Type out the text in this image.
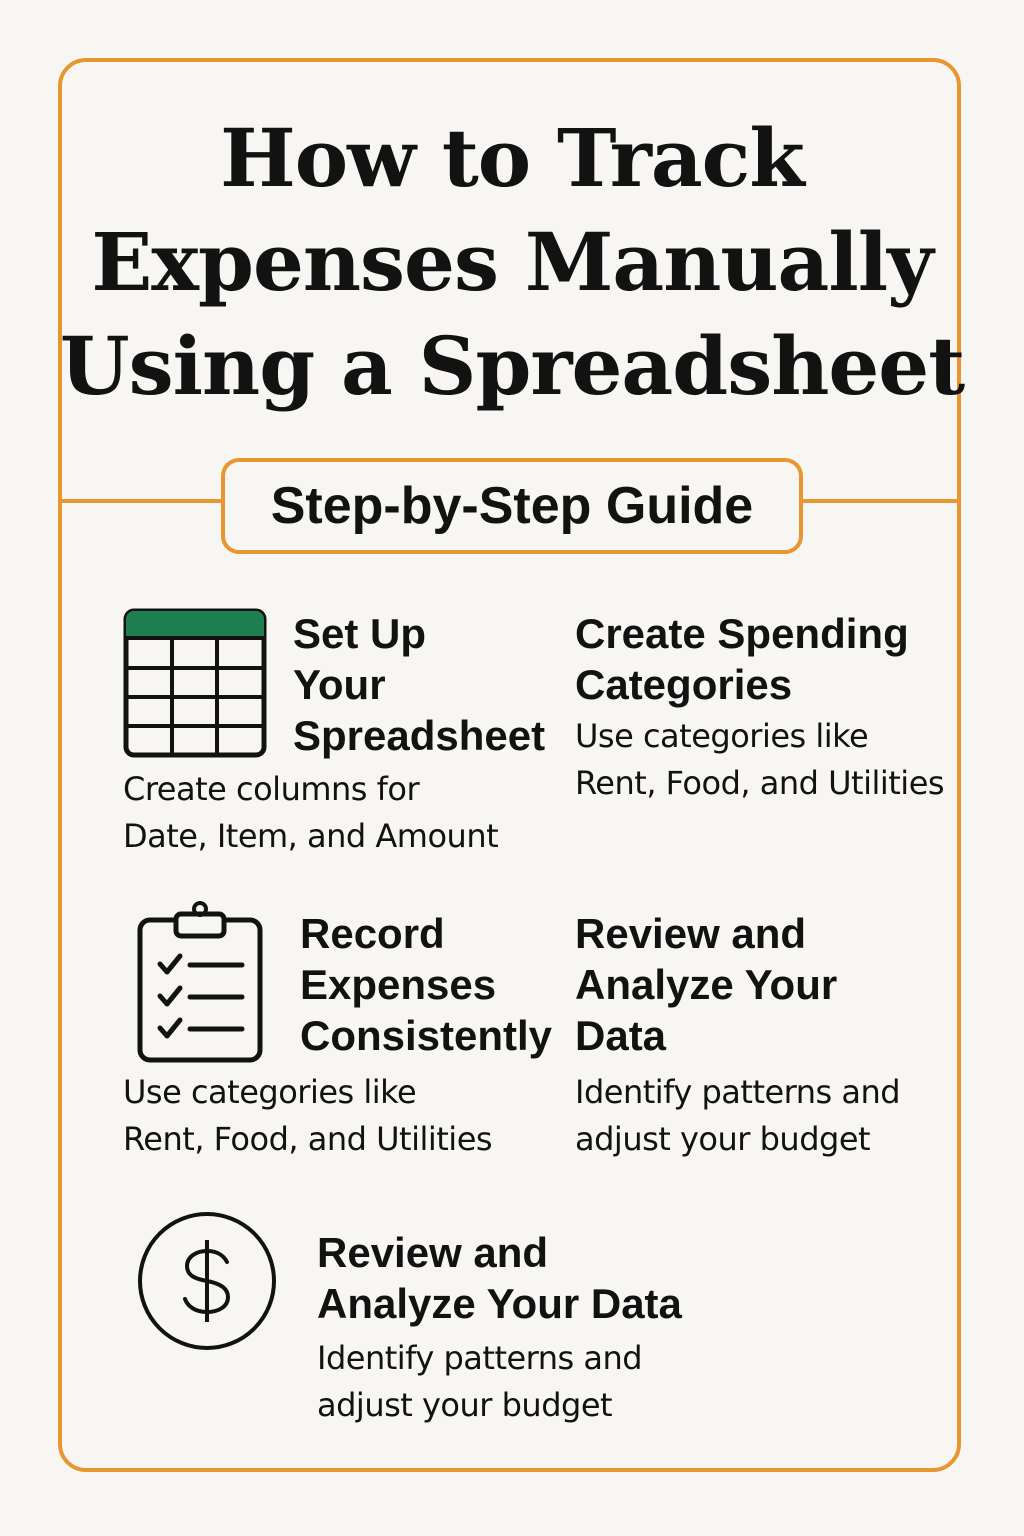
How to Track
Expenses Manually
Using a Spreadsheet
Step-by-Step Guide
Set Up
Your
Spreadsheet
Create columns for
Date, Item, and Amount
Create Spending
Categories
Use categories like
Rent, Food, and Utilities
Record
Expenses
Consistently
Use categories like
Rent, Food, and Utilities
Review and
Analyze Your
Data
Identify patterns and
adjust your budget
Review and
Analyze Your Data
Identify patterns and
adjust your budget
